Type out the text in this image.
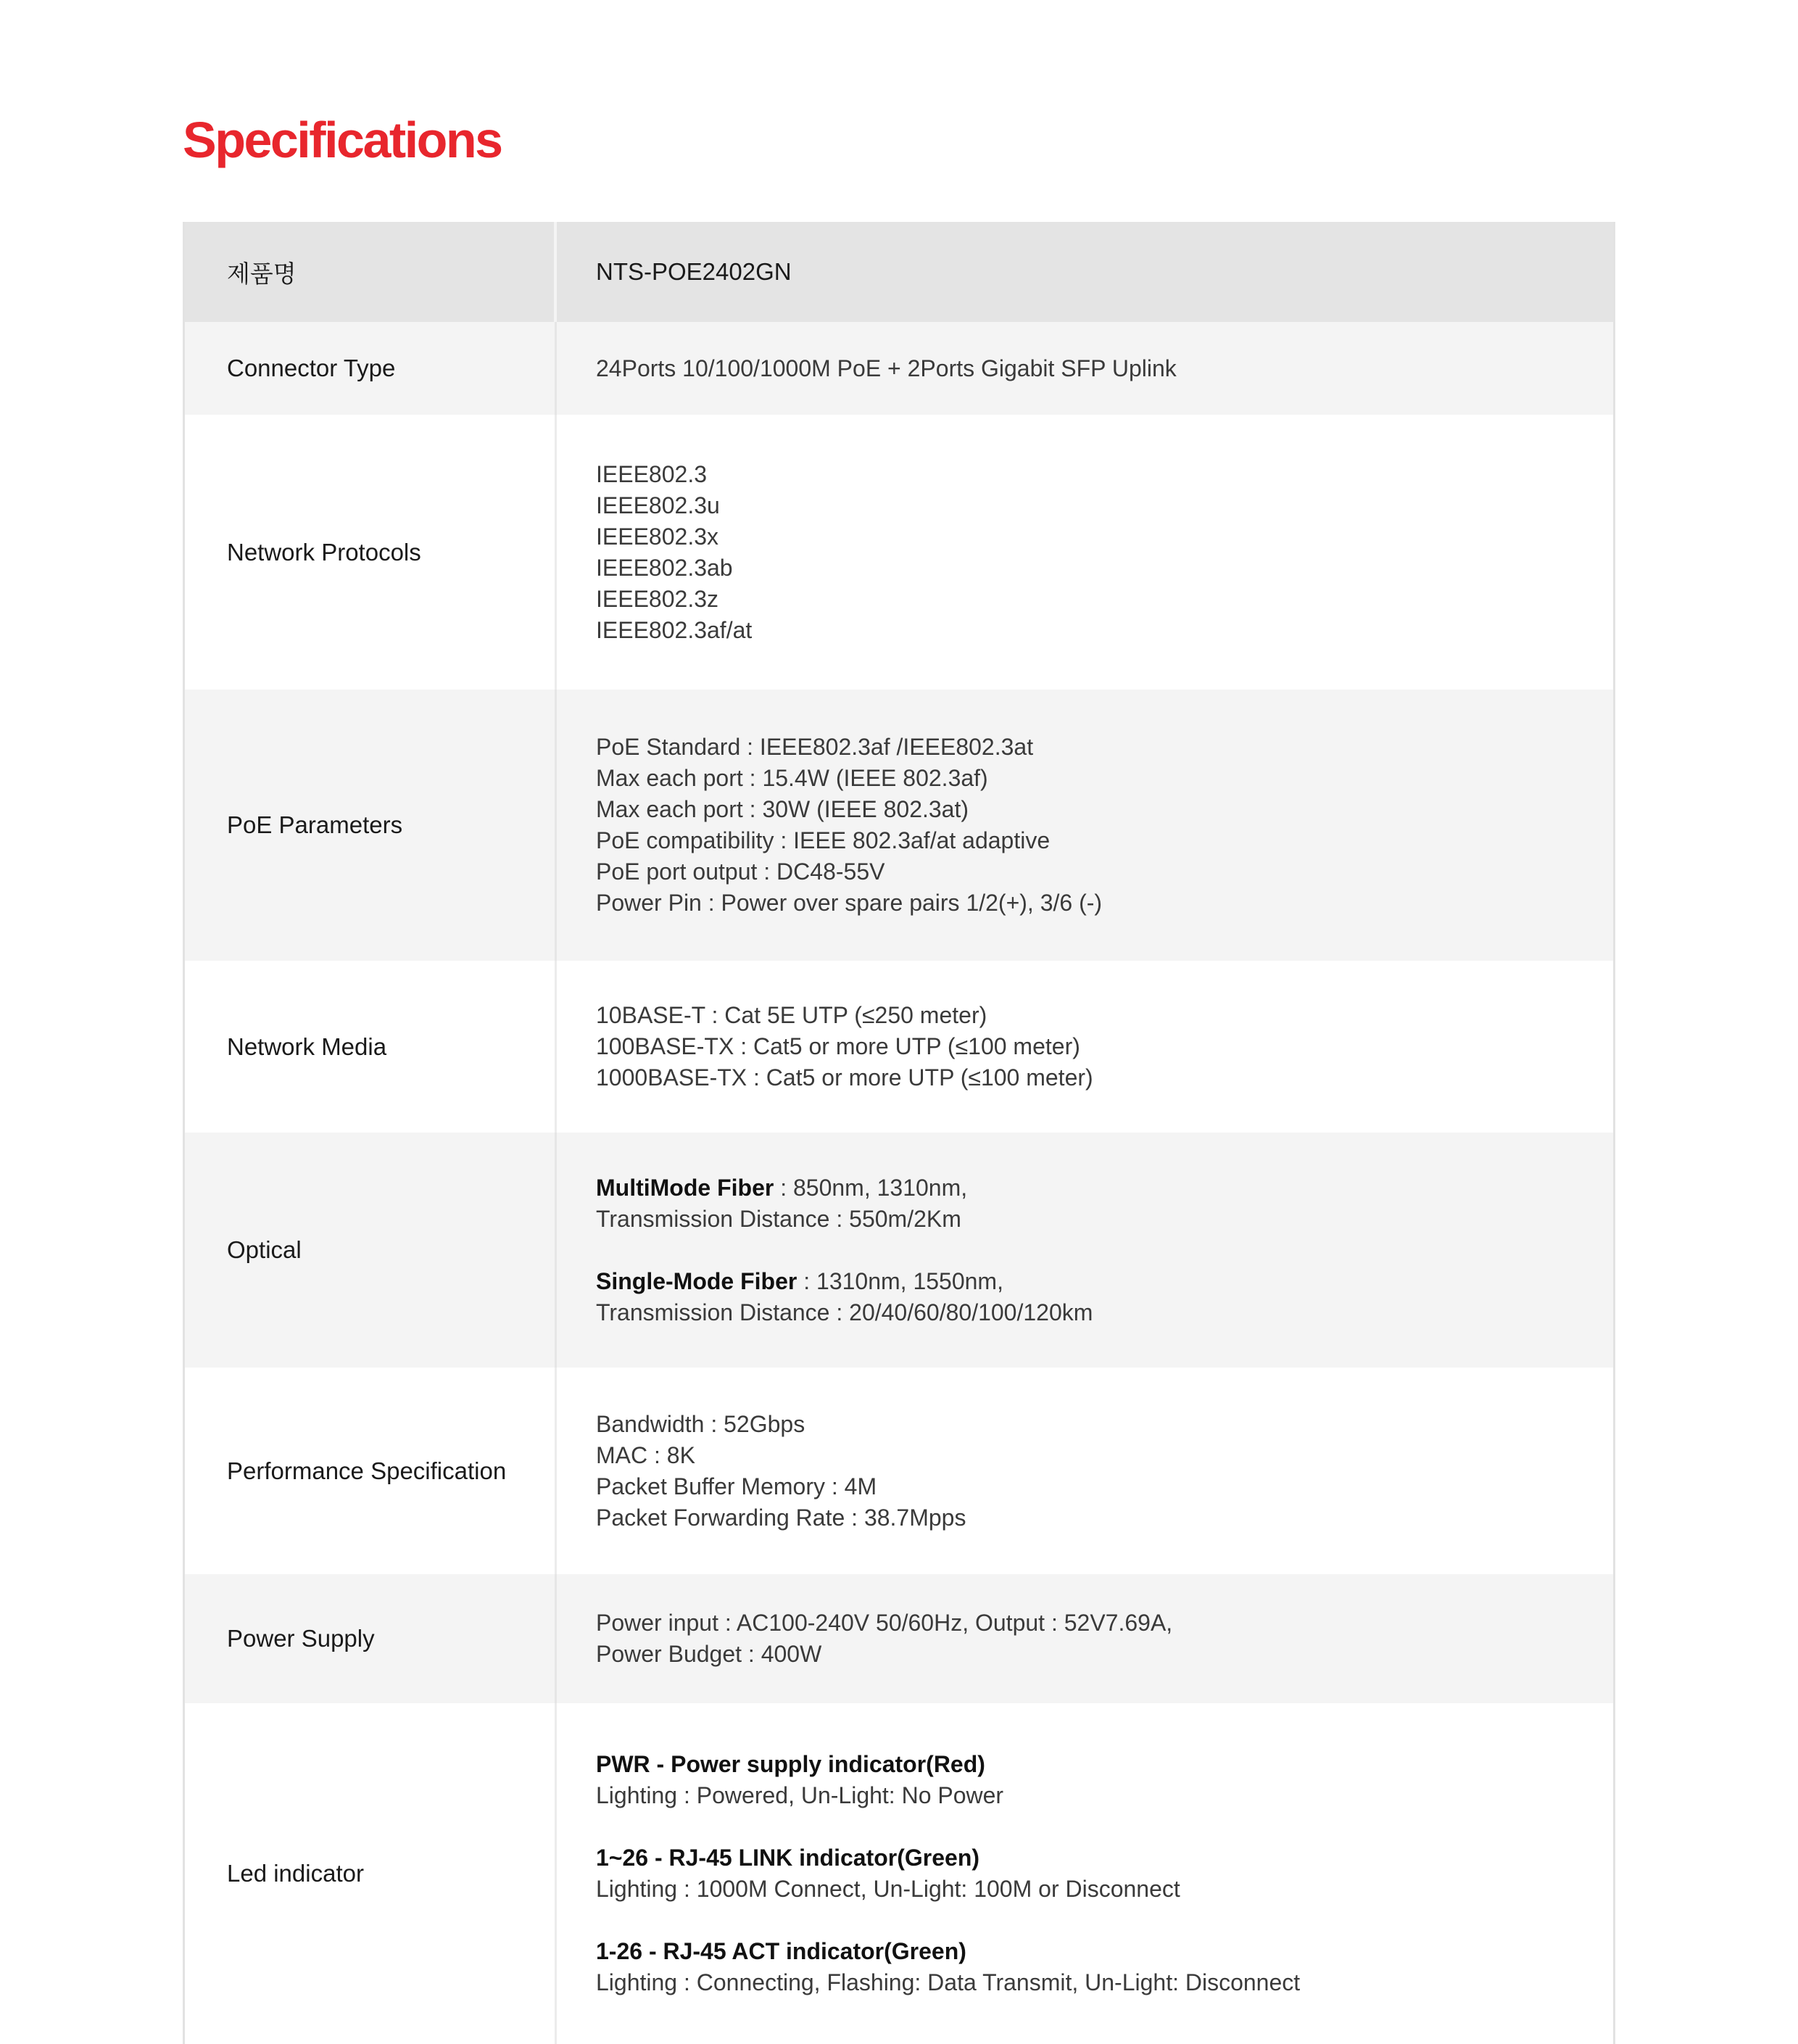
Specifications
제품명	NTS-POE2402GN
Connector Type	24Ports 10/100/1000M PoE + 2Ports Gigabit SFP Uplink
Network Protocols
IEEE802.3
IEEE802.3u
IEEE802.3x
IEEE802.3ab
IEEE802.3z
IEEE802.3af/at
PoE Parameters
PoE Standard : IEEE802.3af /IEEE802.3at
Max each port : 15.4W (IEEE 802.3af)
Max each port : 30W (IEEE 802.3at)
PoE compatibility : IEEE 802.3af/at adaptive
PoE port output : DC48-55V
Power Pin : Power over spare pairs 1/2(+), 3/6 (-)
Network Media
10BASE-T : Cat 5E UTP (≤250 meter)
100BASE-TX : Cat5 or more UTP (≤100 meter)
1000BASE-TX : Cat5 or more UTP (≤100 meter)
Optical
MultiMode Fiber : 850nm, 1310nm,
Transmission Distance : 550m/2Km
Single-Mode Fiber : 1310nm, 1550nm,
Transmission Distance : 20/40/60/80/100/120km
Performance Specification
Bandwidth : 52Gbps
MAC : 8K
Packet Buffer Memory : 4M
Packet Forwarding Rate : 38.7Mpps
Power Supply
Power input : AC100-240V 50/60Hz, Output : 52V7.69A,
Power Budget : 400W
Led indicator
PWR - Power supply indicator(Red)
Lighting : Powered, Un-Light: No Power
1~26 - RJ-45 LINK indicator(Green)
Lighting : 1000M Connect, Un-Light: 100M or Disconnect
1-26 - RJ-45 ACT indicator(Green)
Lighting : Connecting, Flashing: Data Transmit, Un-Light: Disconnect
